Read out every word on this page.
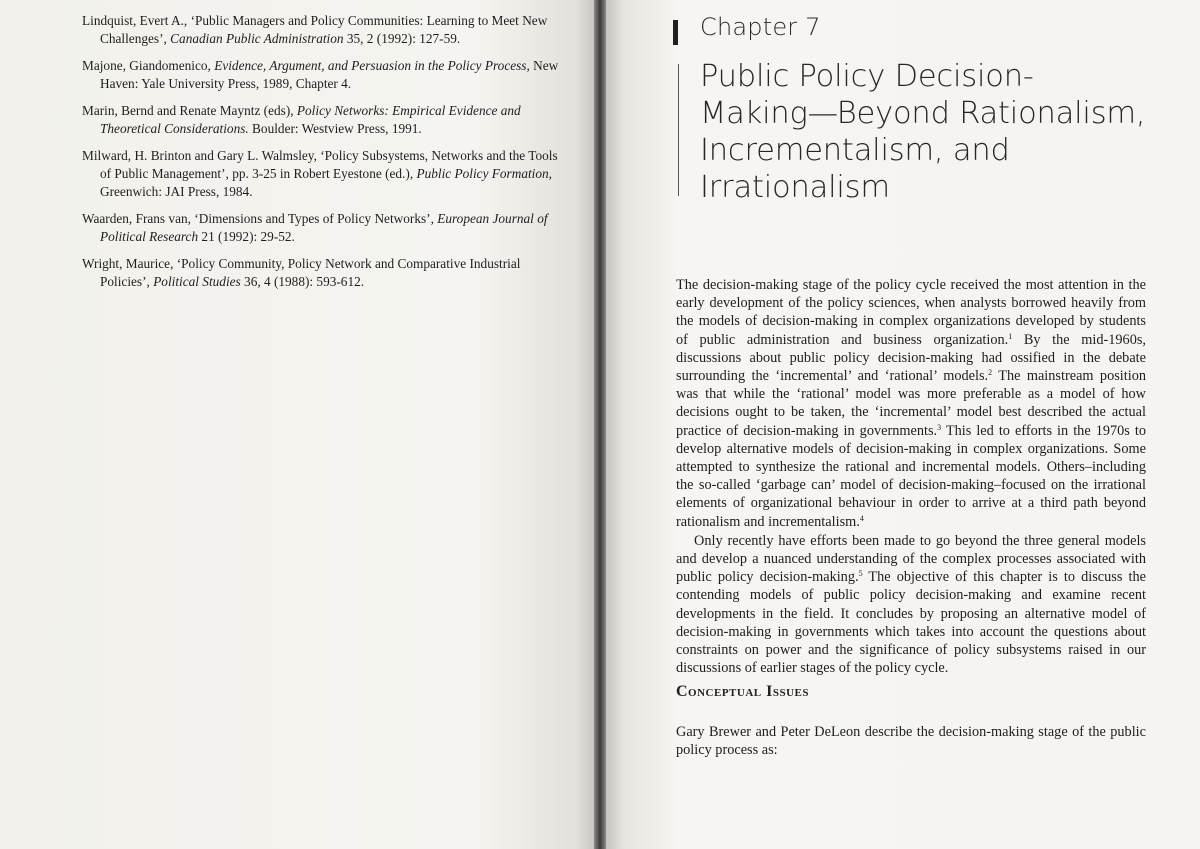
Lindquist, Evert A., ‘Public Managers and Policy Communities: Learning to Meet New Challenges’, Canadian Public Administration 35, 2 (1992): 127-59.

Majone, Giandomenico, Evidence, Argument, and Persuasion in the Policy Process, New Haven: Yale University Press, 1989, Chapter 4.

Marin, Bernd and Renate Mayntz (eds), Policy Networks: Empirical Evidence and Theoretical Considerations. Boulder: Westview Press, 1991.

Milward, H. Brinton and Gary L. Walmsley, ‘Policy Subsystems, Networks and the Tools of Public Management’, pp. 3-25 in Robert Eyestone (ed.), Public Policy Formation, Greenwich: JAI Press, 1984.

Waarden, Frans van, ‘Dimensions and Types of Policy Networks’, European Journal of Political Research 21 (1992): 29-52.

Wright, Maurice, ‘Policy Community, Policy Network and Comparative Industrial Policies’, Political Studies 36, 4 (1988): 593-612.

Chapter 7
Public Policy Decision-
Making—Beyond Rationalism,
Incrementalism, and
Irrationalism

The decision-making stage of the policy cycle received the most attention in the early development of the policy sciences, when analysts borrowed heavily from the models of decision-making in complex organizations developed by students of public administration and business organization.$^1$ By the mid-1960s, discussions about public policy decision-making had ossified in the debate surrounding the ‘incremental’ and ‘rational’ models.$^2$ The mainstream position was that while the ‘rational’ model was more preferable as a model of how decisions ought to be taken, the ‘incremental’ model best described the actual practice of decision-making in governments.$^3$ This led to efforts in the 1970s to develop alternative models of decision-making in complex organizations. Some attempted to synthesize the rational and incremental models. Others–including the so-called ‘garbage can’ model of decision-making–focused on the irrational elements of organizational behaviour in order to arrive at a third path beyond rationalism and incrementalism.$^4$

Only recently have efforts been made to go beyond the three general models and develop a nuanced understanding of the complex processes associated with public policy decision-making.$^5$ The objective of this chapter is to discuss the contending models of public policy decision-making and examine recent developments in the field. It concludes by proposing an alternative model of decision-making in governments which takes into account the questions about constraints on power and the significance of policy subsystems raised in our discussions of earlier stages of the policy cycle.

Conceptual Issues

Gary Brewer and Peter DeLeon describe the decision-making stage of the public policy process as:
